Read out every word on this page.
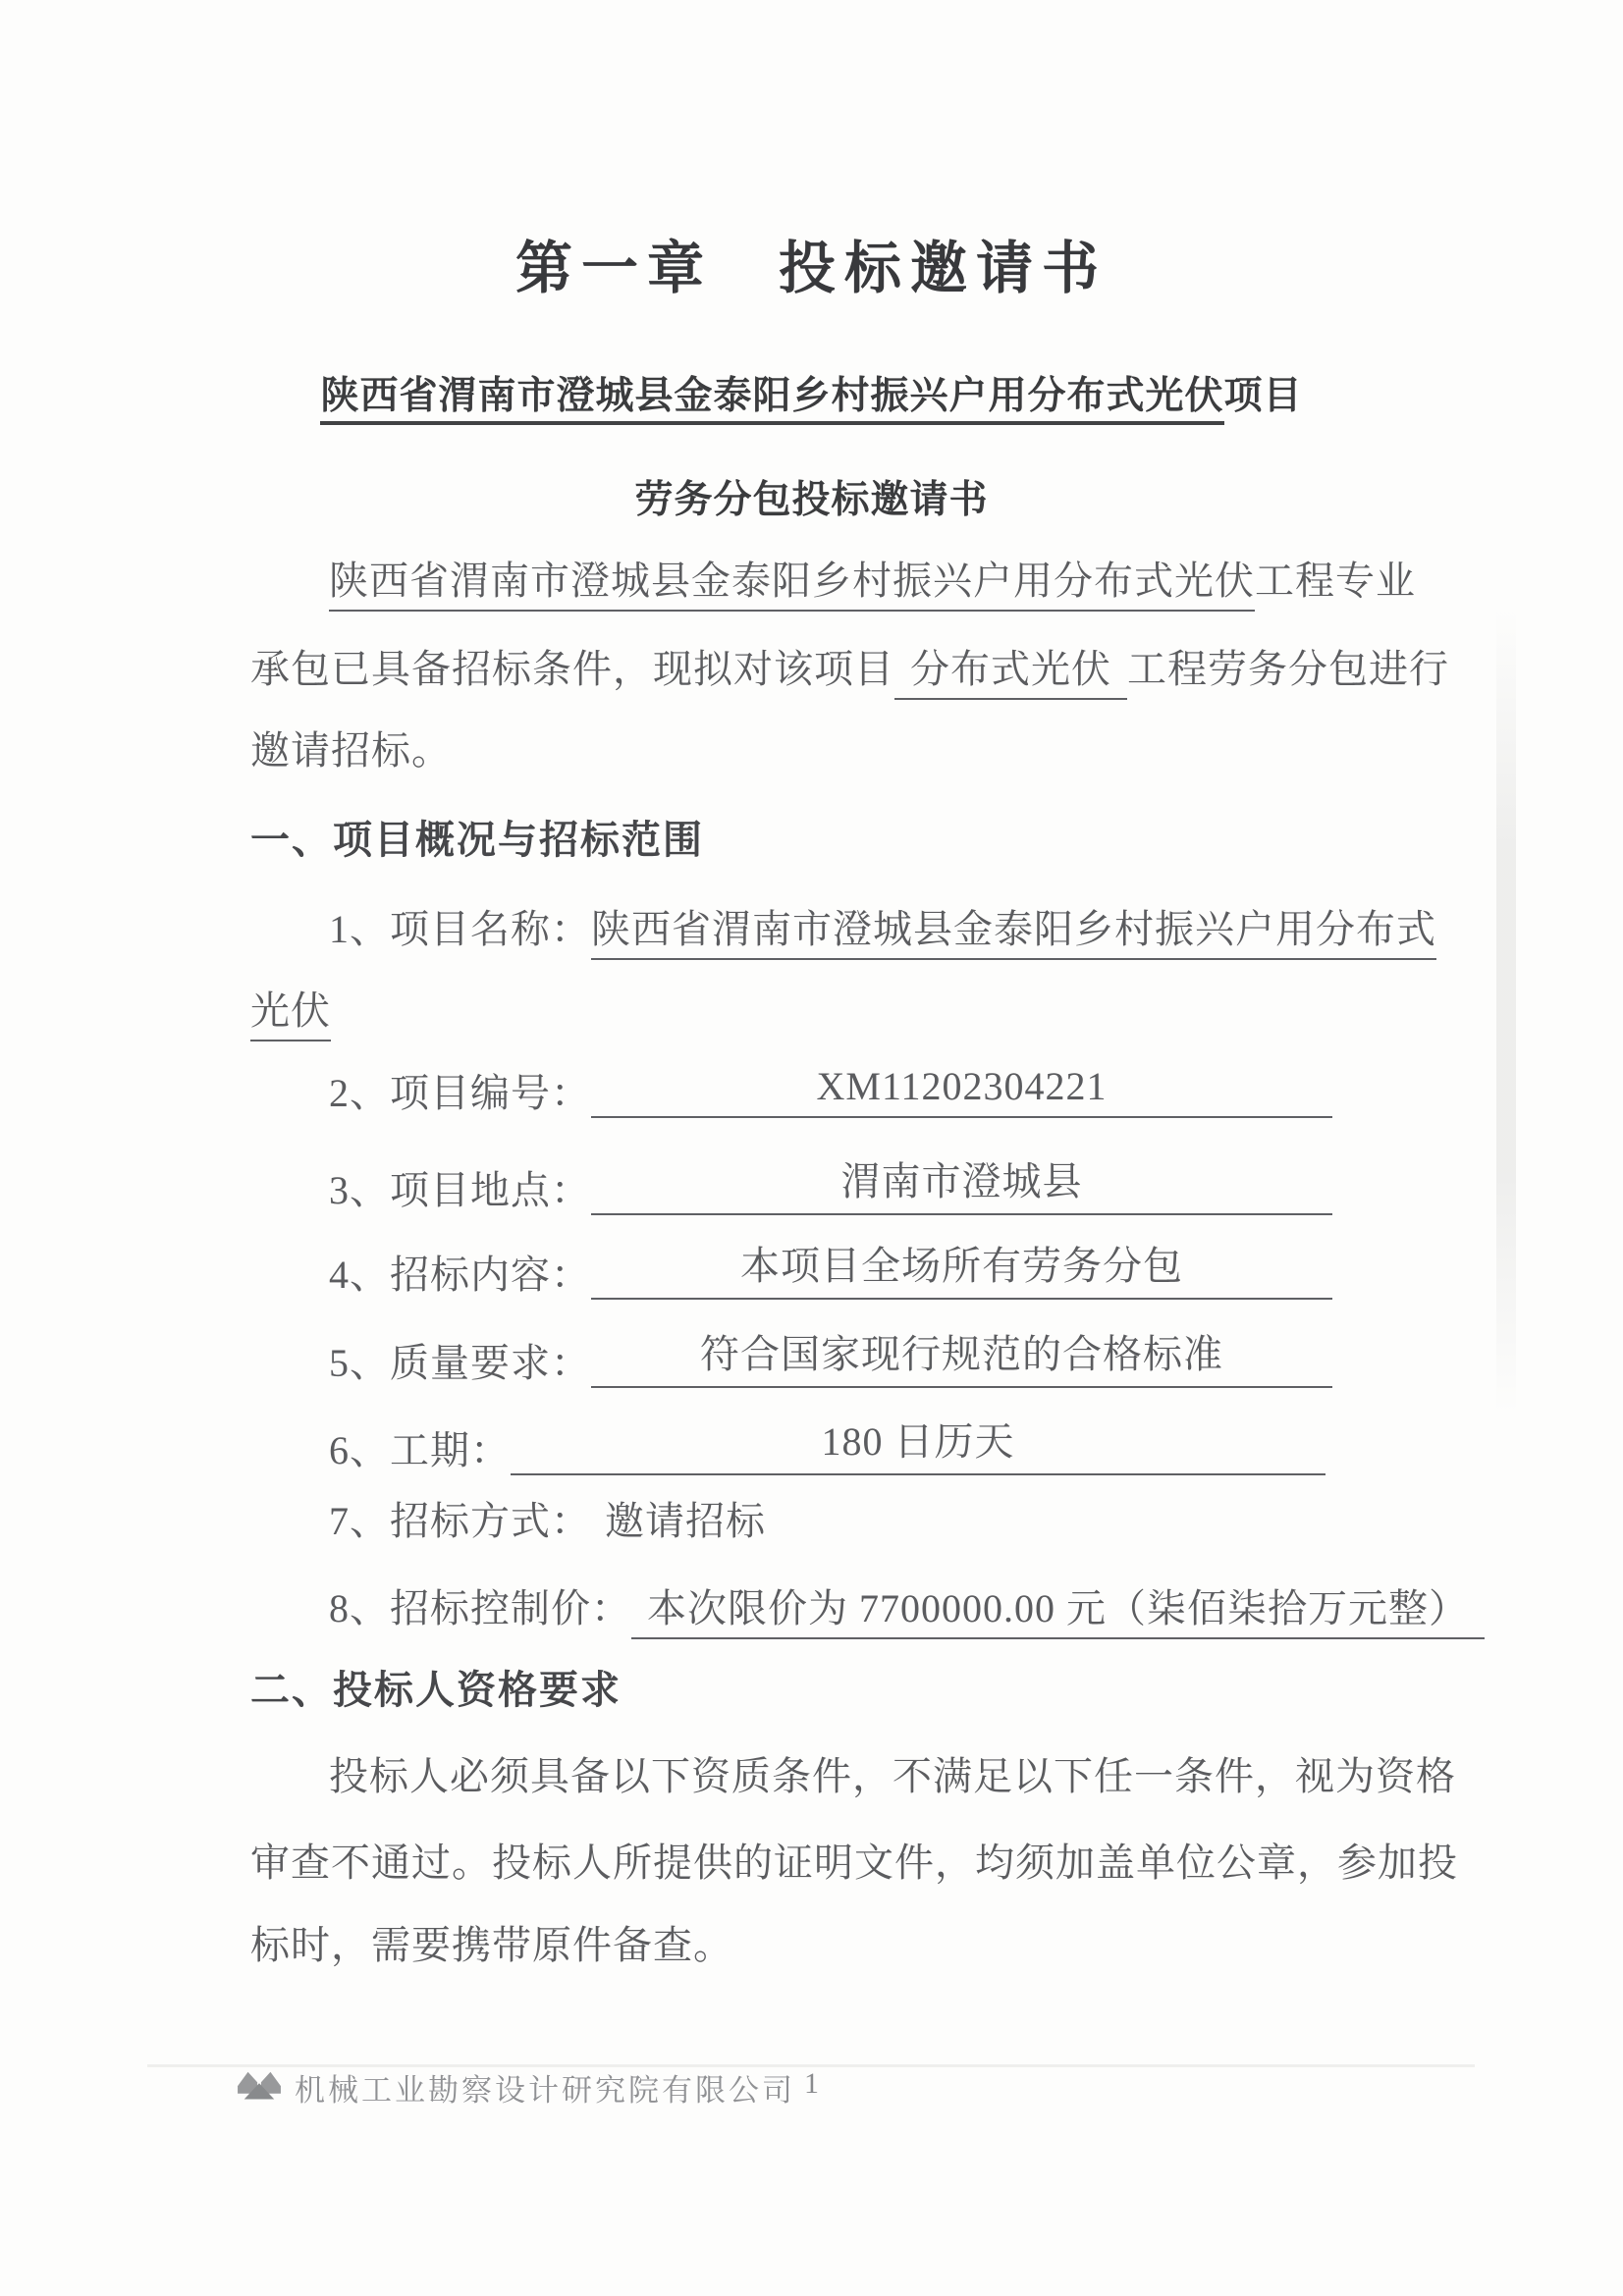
第一章　投标邀请书
陕西省渭南市澄城县金泰阳乡村振兴户用分布式光伏项目
劳务分包投标邀请书
陕西省渭南市澄城县金泰阳乡村振兴户用分布式光伏工程专业
承包已具备招标条件，现拟对该项目 分布式光伏 工程劳务分包进行
邀请招标。
一、项目概况与招标范围
1、项目名称：陕西省渭南市澄城县金泰阳乡村振兴户用分布式
光伏
2、项目编号：	XM11202304221
3、项目地点：	渭南市澄城县
4、招标内容：	本项目全场所有劳务分包
5、质量要求：	符合国家现行规范的合格标准
6、工期：	180 日历天
7、招标方式： 邀请招标
8、招标控制价： 本次限价为 7700000.00 元（柒佰柒拾万元整）
二、投标人资格要求
投标人必须具备以下资质条件，不满足以下任一条件，视为资格
审查不通过。投标人所提供的证明文件，均须加盖单位公章，参加投
标时，需要携带原件备查。
机械工业勘察设计研究院有限公司 1
